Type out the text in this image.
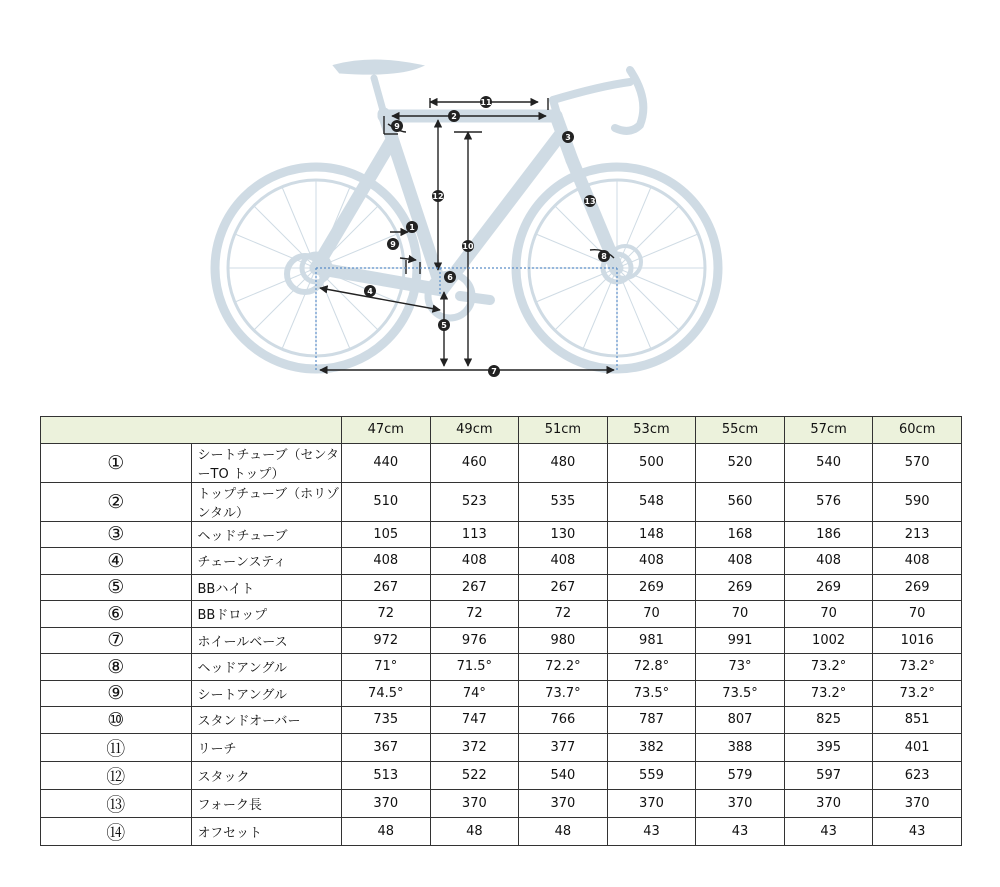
1
2
3
4
5
6
7
8
9
11
12
13
10
9
		47cm	49cm	51cm	53cm	55cm	57cm	60cm
①	シートチューブ（センターTO トップ）	440	460	480	500	520	540	570
②	トップチューブ（ホリゾンタル）	510	523	535	548	560	576	590
③	ヘッドチューブ	105	113	130	148	168	186	213
④	チェーンスティ	408	408	408	408	408	408	408
⑤	BBハイト	267	267	267	269	269	269	269
⑥	BBドロップ	72	72	72	70	70	70	70
⑦	ホイールベース	972	976	980	981	991	1002	1016
⑧	ヘッドアングル	71°	71.5°	72.2°	72.8°	73°	73.2°	73.2°
⑨	シートアングル	74.5°	74°	73.7°	73.5°	73.5°	73.2°	73.2°
⑩	スタンドオーバー	735	747	766	787	807	825	851
⑪	リーチ	367	372	377	382	388	395	401
⑫	スタック	513	522	540	559	579	597	623
⑬	フォーク長	370	370	370	370	370	370	370
⑭	オフセット	48	48	48	43	43	43	43
